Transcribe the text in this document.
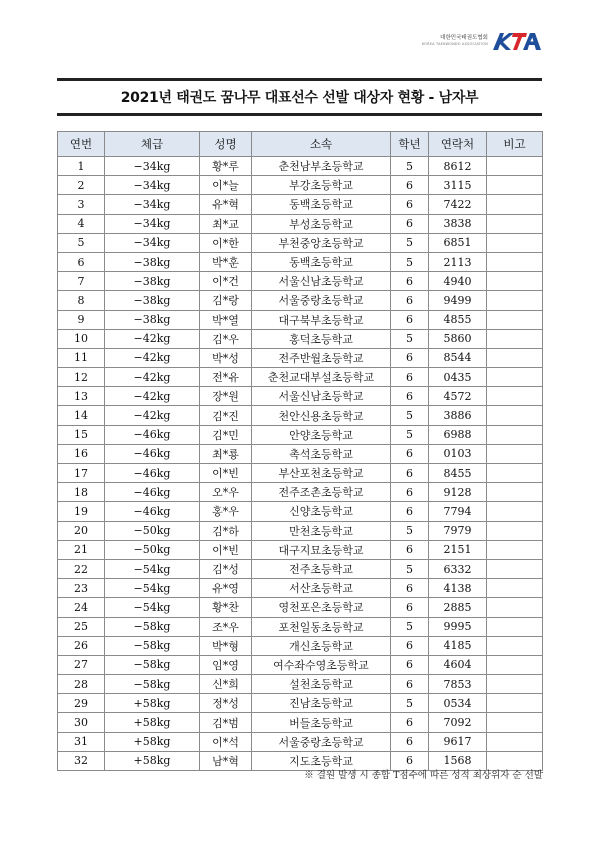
대한민국태권도협회
KOREA TAEKWONDO ASSOCIATION
2021년 태권도 꿈나무 대표선수 선발 대상자 현황 - 남자부
연번	체급	성명	소속	학년	연락처	비고
1	−34kg	황*루	춘천남부초등학교	5	8612	
2	−34kg	이*늘	부강초등학교	6	3115	
3	−34kg	유*혁	동백초등학교	6	7422	
4	−34kg	최*교	부성초등학교	6	3838	
5	−34kg	이*한	부천중앙초등학교	5	6851	
6	−38kg	박*훈	동백초등학교	5	2113	
7	−38kg	이*건	서울신남초등학교	6	4940	
8	−38kg	김*랑	서울중랑초등학교	6	9499	
9	−38kg	박*열	대구북부초등학교	6	4855	
10	−42kg	김*우	홍덕초등학교	5	5860	
11	−42kg	박*성	전주반월초등학교	6	8544	
12	−42kg	전*유	춘천교대부설초등학교	6	0435	
13	−42kg	장*원	서울신남초등학교	6	4572	
14	−42kg	김*진	천안신용초등학교	5	3886	
15	−46kg	김*민	안양초등학교	5	6988	
16	−46kg	최*룡	촉석초등학교	6	0103	
17	−46kg	이*빈	부산포천초등학교	6	8455	
18	−46kg	오*우	전주조촌초등학교	6	9128	
19	−46kg	홍*우	신양초등학교	6	7794	
20	−50kg	김*하	만천초등학교	5	7979	
21	−50kg	이*빈	대구지묘초등학교	6	2151	
22	−54kg	김*성	전주초등학교	5	6332	
23	−54kg	유*영	서산초등학교	6	4138	
24	−54kg	황*찬	영천포은초등학교	6	2885	
25	−58kg	조*우	포천일동초등학교	5	9995	
26	−58kg	박*형	개신초등학교	6	4185	
27	−58kg	임*영	여수좌수영초등학교	6	4604	
28	−58kg	신*희	설천초등학교	6	7853	
29	+58kg	정*성	진남초등학교	5	0534	
30	+58kg	김*범	버들초등학교	6	7092	
31	+58kg	이*석	서울중랑초등학교	6	9617	
32	+58kg	남*혁	지도초등학교	6	1568	
※ 결원 발생 시 종합 T점수에 따른 성적 최상위자 순 선발
